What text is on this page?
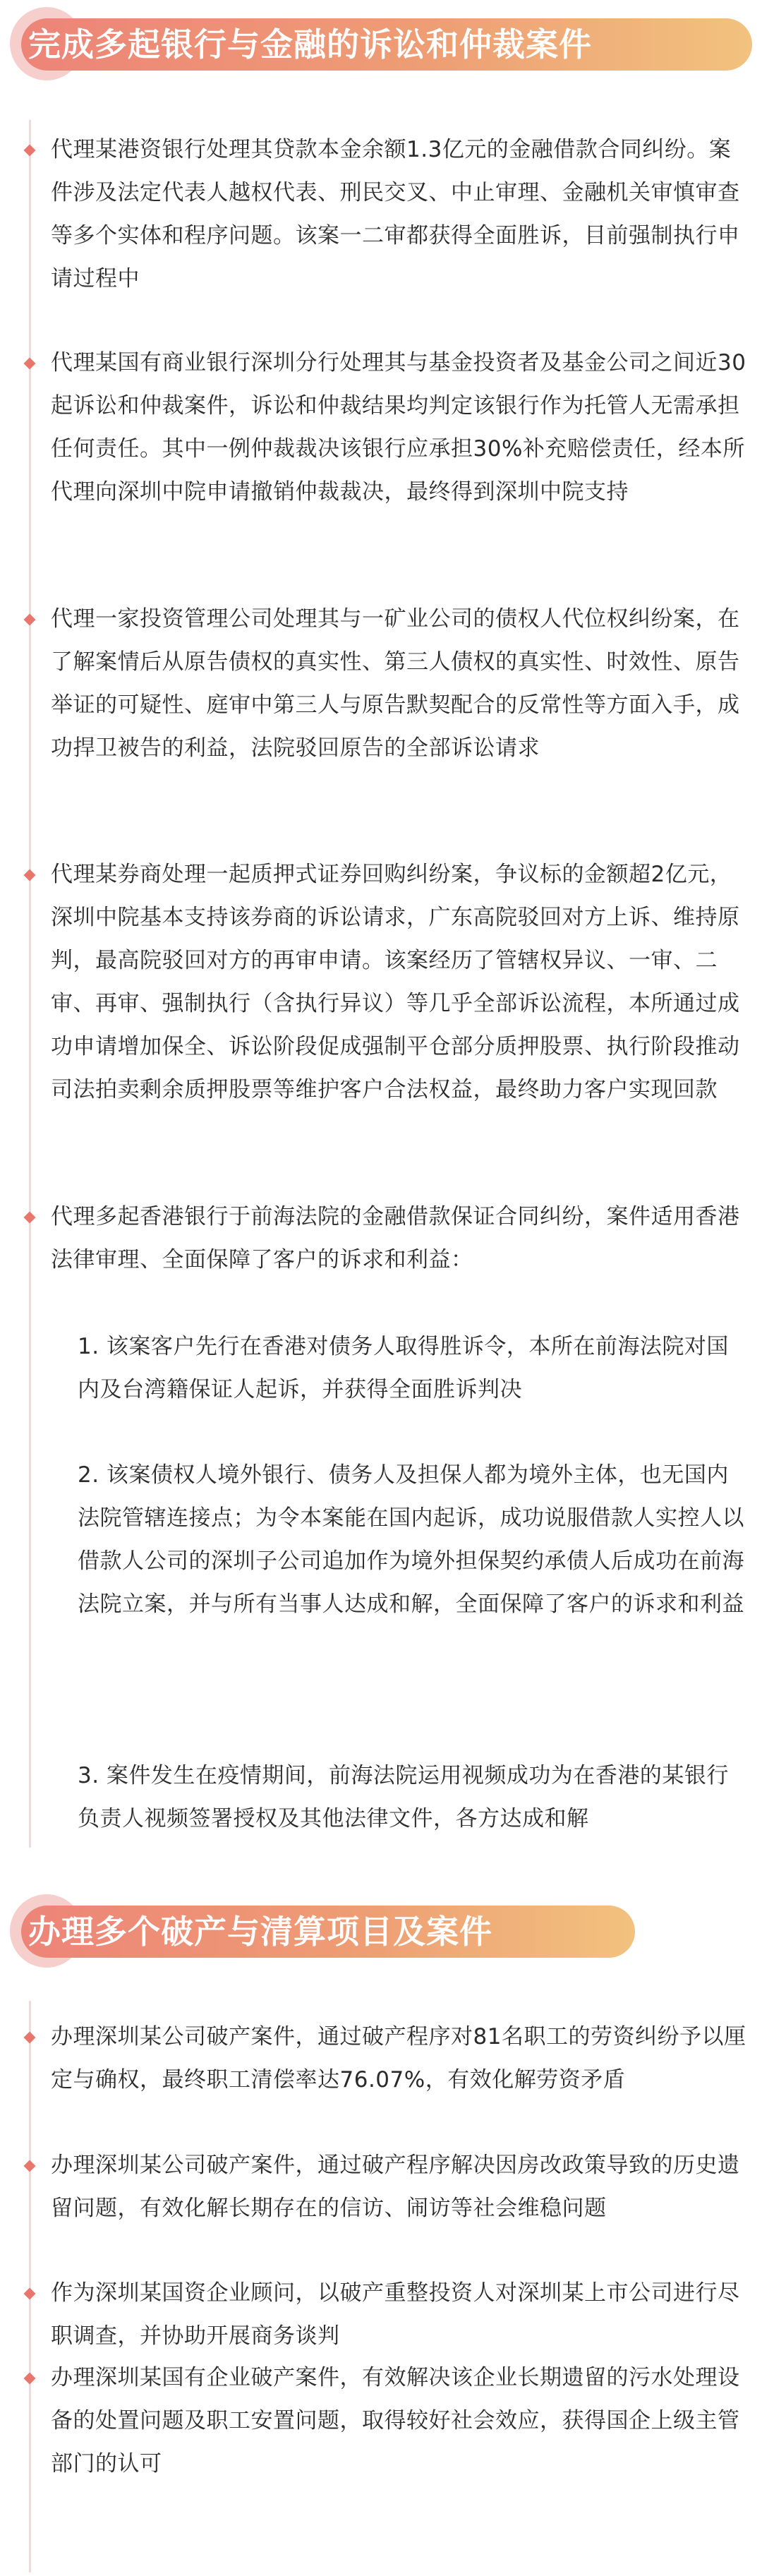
完成多起银行与金融的诉讼和仲裁案件
代理某港资银行处理其贷款本金余额1.3亿元的金融借款合同纠纷。案件涉及法定代表人越权代表、刑民交叉、中止审理、金融机关审慎审查等多个实体和程序问题。该案一二审都获得全面胜诉，目前强制执行申请过程中
代理某国有商业银行深圳分行处理其与基金投资者及基金公司之间近30起诉讼和仲裁案件，诉讼和仲裁结果均判定该银行作为托管人无需承担任何责任。其中一例仲裁裁决该银行应承担30%补充赔偿责任，经本所代理向深圳中院申请撤销仲裁裁决，最终得到深圳中院支持
代理一家投资管理公司处理其与一矿业公司的债权人代位权纠纷案，在了解案情后从原告债权的真实性、第三人债权的真实性、时效性、原告举证的可疑性、庭审中第三人与原告默契配合的反常性等方面入手，成功捍卫被告的利益，法院驳回原告的全部诉讼请求
代理某券商处理一起质押式证券回购纠纷案，争议标的金额超2亿元，深圳中院基本支持该券商的诉讼请求，广东高院驳回对方上诉、维持原判，最高院驳回对方的再审申请。该案经历了管辖权异议、一审、二审、再审、强制执行（含执行异议）等几乎全部诉讼流程，本所通过成功申请增加保全、诉讼阶段促成强制平仓部分质押股票、执行阶段推动司法拍卖剩余质押股票等维护客户合法权益，最终助力客户实现回款
代理多起香港银行于前海法院的金融借款保证合同纠纷，案件适用香港法律审理、全面保障了客户的诉求和利益：
1. 该案客户先行在香港对债务人取得胜诉令，本所在前海法院对国内及台湾籍保证人起诉，并获得全面胜诉判决
2. 该案债权人境外银行、债务人及担保人都为境外主体，也无国内法院管辖连接点；为令本案能在国内起诉，成功说服借款人实控人以借款人公司的深圳子公司追加作为境外担保契约承债人后成功在前海法院立案，并与所有当事人达成和解，全面保障了客户的诉求和利益
3. 案件发生在疫情期间，前海法院运用视频成功为在香港的某银行负责人视频签署授权及其他法律文件，各方达成和解
办理多个破产与清算项目及案件
办理深圳某公司破产案件，通过破产程序对81名职工的劳资纠纷予以厘定与确权，最终职工清偿率达76.07%，有效化解劳资矛盾
办理深圳某公司破产案件，通过破产程序解决因房改政策导致的历史遗留问题，有效化解长期存在的信访、闹访等社会维稳问题
作为深圳某国资企业顾问，以破产重整投资人对深圳某上市公司进行尽职调查，并协助开展商务谈判
办理深圳某国有企业破产案件，有效解决该企业长期遗留的污水处理设备的处置问题及职工安置问题，取得较好社会效应，获得国企上级主管部门的认可
